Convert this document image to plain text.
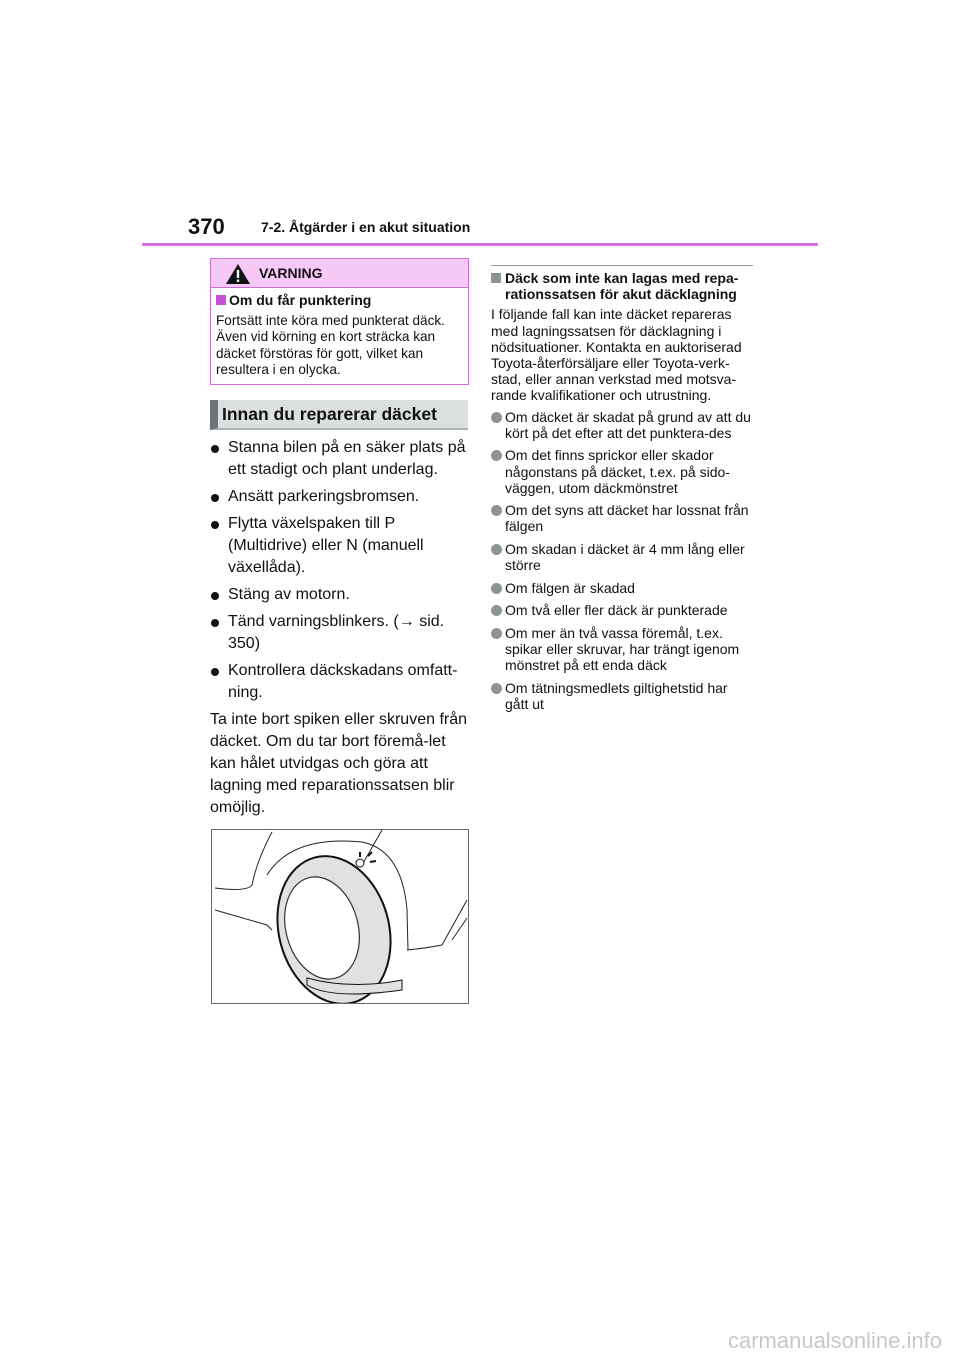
370	7-2. Åtgärder i en akut situation
VARNING
Om du får punktering
Fortsätt inte köra med punkterat däck. Även vid körning en kort sträcka kan däcket förstöras för gott, vilket kan resultera i en olycka.
Innan du reparerar däcket
Stanna bilen på en säker plats på ett stadigt och plant underlag.
Ansätt parkeringsbromsen.
Flytta växelspaken till P (Multidrive) eller N (manuell växellåda).
Stäng av motorn.
Tänd varningsblinkers. (→ sid. 350)
Kontrollera däckskadans omfatt-ning.

Ta inte bort spiken eller skruven från däcket. Om du tar bort föremå-let kan hålet utvidgas och göra att lagning med reparationssatsen blir omöjlig.

Däck som inte kan lagas med repa-rationssatsen för akut däcklagning
I följande fall kan inte däcket repareras med lagningssatsen för däcklagning i nödsituationer. Kontakta en auktoriserad Toyota-återförsäljare eller Toyota-verk-stad, eller annan verkstad med motsva-rande kvalifikationer och utrustning.
Om däcket är skadat på grund av att du kört på det efter att det punktera-des
Om det finns sprickor eller skador någonstans på däcket, t.ex. på sido-väggen, utom däckmönstret
Om det syns att däcket har lossnat från fälgen
Om skadan i däcket är 4 mm lång eller större
Om fälgen är skadad
Om två eller fler däck är punkterade
Om mer än två vassa föremål, t.ex. spikar eller skruvar, har trängt igenom mönstret på ett enda däck
Om tätningsmedlets giltighetstid har gått ut
carmanualsonline.info
